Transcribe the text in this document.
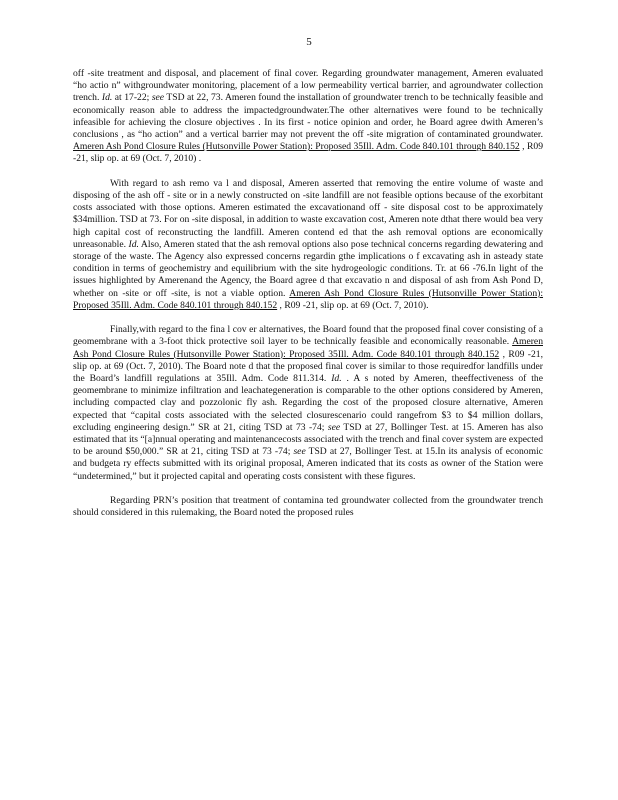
5

off -site treatment and disposal, and placement of final cover. Regarding groundwater management, Ameren evaluated “ho actio n” withgroundwater monitoring, placement of a low permeability vertical barrier, and agroundwater collection trench. Id. at 17-22; see TSD at 22, 73. Ameren found the installation of groundwater trench to be technically feasible and economically reason able to address the impactedgroundwater.The other alternatives were found to be technically infeasible for achieving the closure objectives . In its first - notice opinion and order, he Board agree dwith Ameren’s conclusions , as “ho action” and a vertical barrier may not prevent the off -site migration of contaminated groundwater. Ameren Ash Pond Closure Rules (Hutsonville Power Station): Proposed 35Ill. Adm. Code 840.101 through 840.152 , R09 -21, slip op. at 69 (Oct. 7, 2010) .

With regard to ash remo va l and disposal, Ameren asserted that removing the entire volume of waste and disposing of the ash off - site or in a newly constructed on -site landfill are not feasible options because of the exorbitant costs associated with those options. Ameren estimated the excavationand off - site disposal cost to be approximately $34million. TSD at 73. For on -site disposal, in addition to waste excavation cost, Ameren note dthat there would bea very high capital cost of reconstructing the landfill. Ameren contend ed that the ash removal options are economically unreasonable. Id. Also, Ameren stated that the ash removal options also pose technical concerns regarding dewatering and storage of the waste. The Agency also expressed concerns regardin gthe implications o f excavating ash in asteady state condition in terms of geochemistry and equilibrium with the site hydrogeologic conditions. Tr. at 66 -76.In light of the issues highlighted by Amerenand the Agency, the Board agree d that excavatio n and disposal of ash from Ash Pond D, whether on -site or off -site, is not a viable option. Ameren Ash Pond Closure Rules (Hutsonville Power Station): Proposed 35Ill. Adm. Code 840.101 through 840.152 , R09 -21, slip op. at 69 (Oct. 7, 2010).

Finally,with regard to the fina l cov er alternatives, the Board found that the proposed final cover consisting of a geomembrane with a 3-foot thick protective soil layer to be technically feasible and economically reasonable. Ameren Ash Pond Closure Rules (Hutsonville Power Station): Proposed 35Ill. Adm. Code 840.101 through 840.152 , R09 -21, slip op. at 69 (Oct. 7, 2010). The Board note d that the proposed final cover is similar to those requiredfor landfills under the Board’s landfill regulations at 35Ill. Adm. Code 811.314. Id. . A s noted by Ameren, theeffectiveness of the geomembrane to minimize infiltration and leachategeneration is comparable to the other options considered by Ameren, including compacted clay and pozzolonic fly ash. Regarding the cost of the proposed closure alternative, Ameren expected that “capital costs associated with the selected closurescenario could rangefrom $3 to $4 million dollars, excluding engineering design.” SR at 21, citing TSD at 73 -74; see TSD at 27, Bollinger Test. at 15. Ameren has also estimated that its “[a]nnual operating and maintenancecosts associated with the trench and final cover system are expected to be around $50,000.” SR at 21, citing TSD at 73 -74; see TSD at 27, Bollinger Test. at 15.In its analysis of economic and budgeta ry effects submitted with its original proposal, Ameren indicated that its costs as owner of the Station were “undetermined,” but it projected capital and operating costs consistent with these figures.

Regarding PRN’s position that treatment of contamina ted groundwater collected from the groundwater trench should considered in this rulemaking, the Board noted the proposed rules
